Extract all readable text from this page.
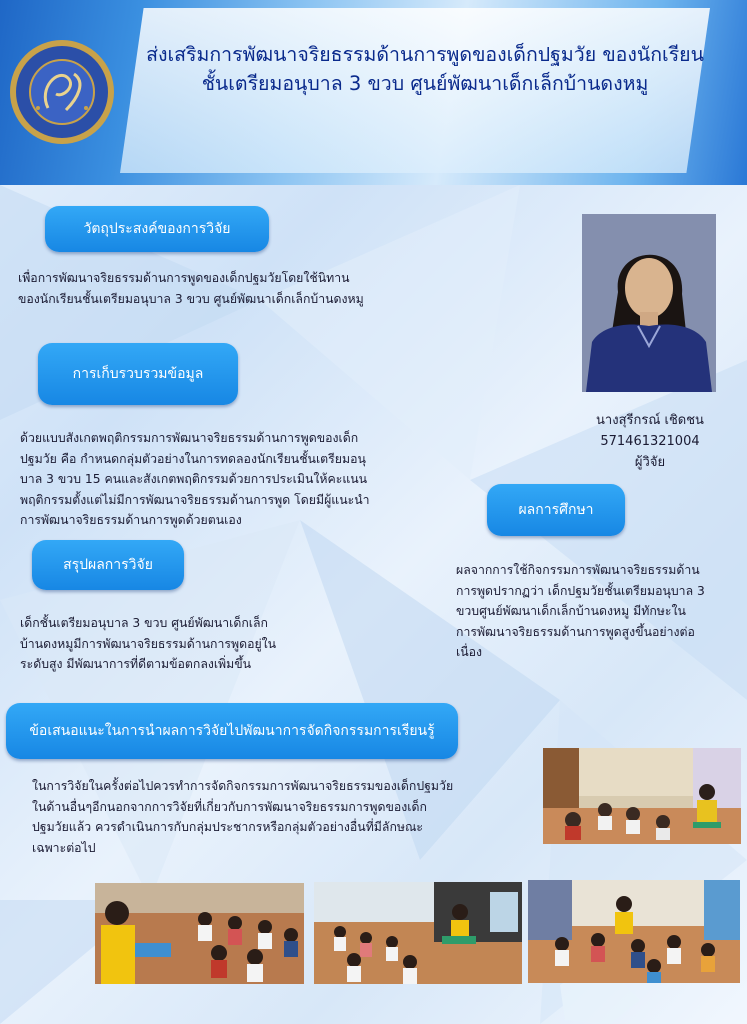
ส่งเสริมการพัฒนาจริยธรรมด้านการพูดของเด็กปฐมวัย ของนักเรียน
ชั้นเตรียมอนุบาล 3 ขวบ ศูนย์พัฒนาเด็กเล็กบ้านดงหมู
วัตถุประสงค์ของการวิจัย
เพื่อการพัฒนาจริยธรรมด้านการพูดของเด็กปฐมวัยโดยใช้นิทาน
ของนักเรียนชั้นเตรียมอนุบาล 3 ขวบ ศูนย์พัฒนาเด็กเล็กบ้านดงหมู
การเก็บรวบรวมข้อมูล
ด้วยแบบสังเกตพฤติกรรมการพัฒนาจริยธรรมด้านการพูดของเด็ก
ปฐมวัย คือ กำหนดกลุ่มตัวอย่างในการทดลองนักเรียนชั้นเตรียมอนุ
บาล 3 ขวบ 15 คนและสังเกตพฤติกรรมด้วยการประเมินให้คะแนน
พฤติกรรมตั้งแต่ไม่มีการพัฒนาจริยธรรมด้านการพูด โดยมีผู้แนะนำ
การพัฒนาจริยธรรมด้านการพูดด้วยตนเอง
นางสุรีกรณ์ เชิดชน
571461321004
ผู้วิจัย
ผลการศึกษา
ผลจากการใช้กิจกรรมการพัฒนาจริยธรรมด้าน
การพูดปรากฏว่า เด็กปฐมวัยชั้นเตรียมอนุบาล 3
ขวบศูนย์พัฒนาเด็กเล็กบ้านดงหมู มีทักษะใน
การพัฒนาจริยธรรมด้านการพูดสูงขึ้นอย่างต่อ
เนื่อง
สรุปผลการวิจัย
เด็กชั้นเตรียมอนุบาล 3 ขวบ ศูนย์พัฒนาเด็กเล็ก
บ้านดงหมูมีการพัฒนาจริยธรรมด้านการพูดอยู่ใน
ระดับสูง มีพัฒนาการที่ดีตามข้อตกลงเพิ่มขึ้น
ข้อเสนอแนะในการนำผลการวิจัยไปพัฒนาการจัดกิจกรรมการเรียนรู้
ในการวิจัยในครั้งต่อไปควรทำการจัดกิจกรรมการพัฒนาจริยธรรมของเด็กปฐมวัย
ในด้านอื่นๆอีกนอกจากการวิจัยที่เกี่ยวกับการพัฒนาจริยธรรมการพูดของเด็ก
ปฐมวัยแล้ว ควรดำเนินการกับกลุ่มประชากรหรือกลุ่มตัวอย่างอื่นที่มีลักษณะ
เฉพาะต่อไป
